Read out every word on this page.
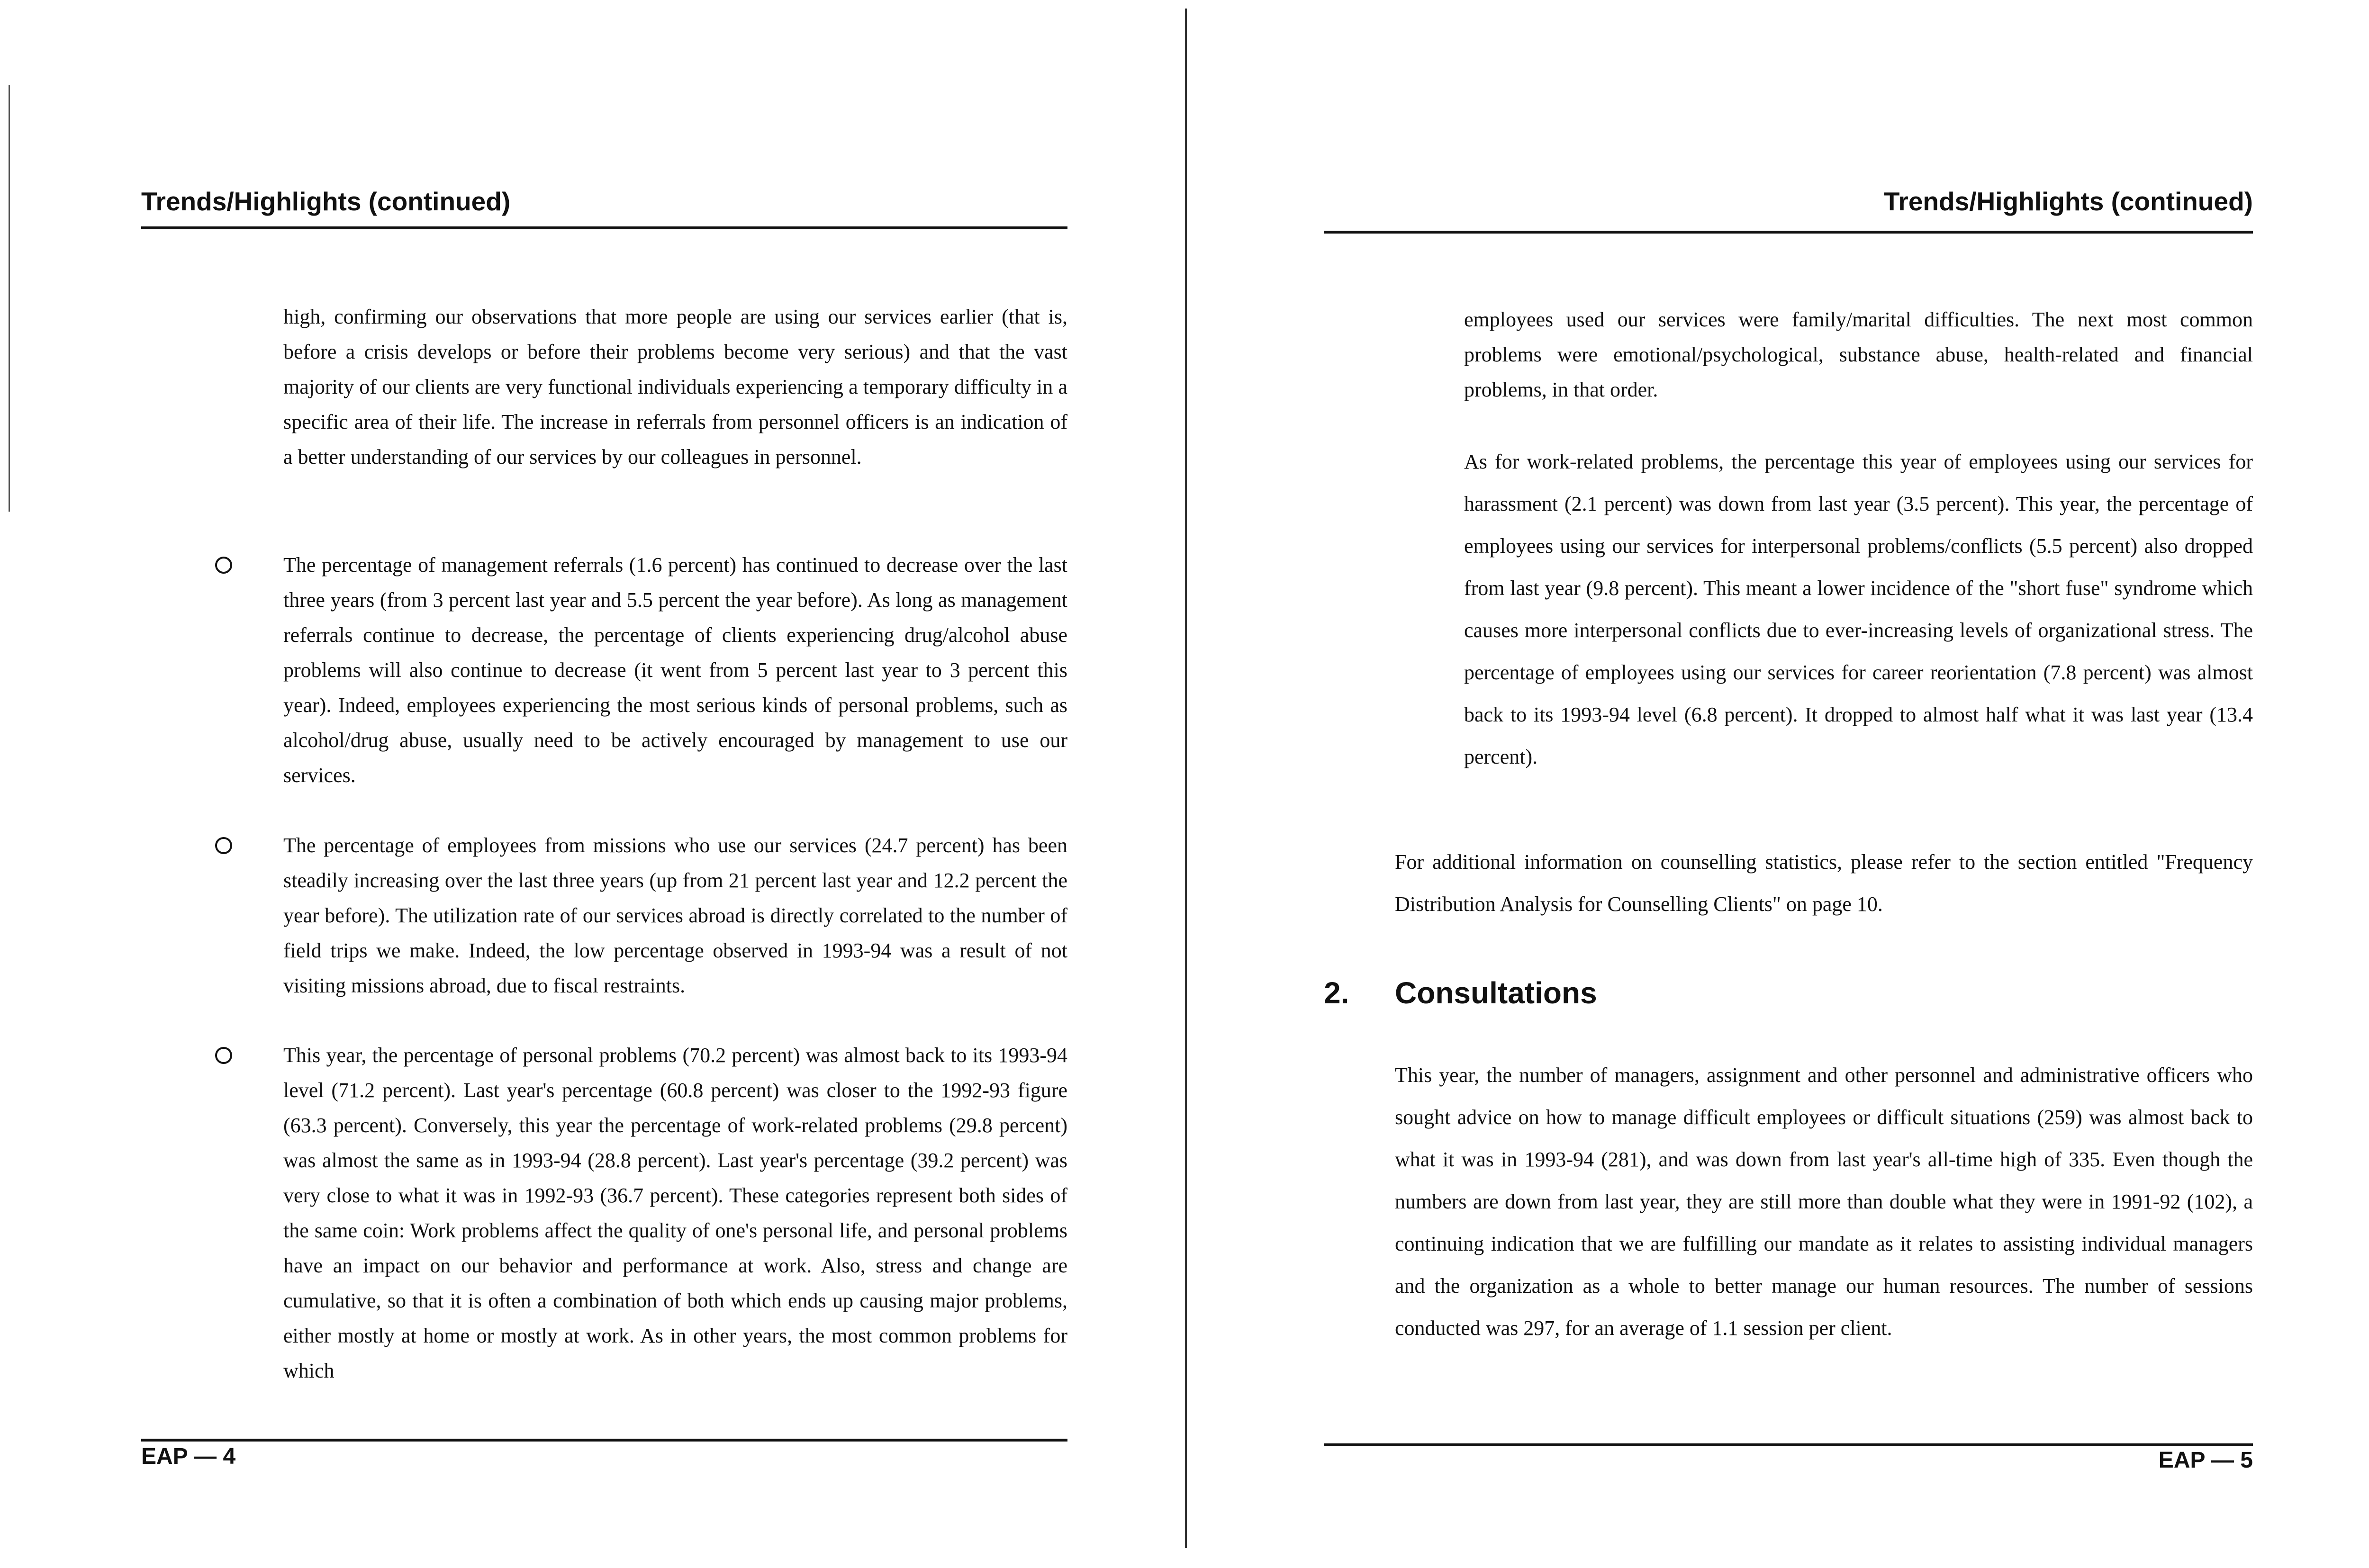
Trends/Highlights (continued)

high, confirming our observations that more people are using our services earlier (that is, before a crisis develops or before their problems become very serious) and that the vast majority of our clients are very functional individuals experiencing a temporary difficulty in a specific area of their life. The increase in referrals from personnel officers is an indication of a better understanding of our services by our colleagues in personnel.

The percentage of management referrals (1.6 percent) has continued to decrease over the last three years (from 3 percent last year and 5.5 percent the year before). As long as management referrals continue to decrease, the percentage of clients experiencing drug/alcohol abuse problems will also continue to decrease (it went from 5 percent last year to 3 percent this year). Indeed, employees experiencing the most serious kinds of personal problems, such as alcohol/drug abuse, usually need to be actively encouraged by management to use our services.

The percentage of employees from missions who use our services (24.7 percent) has been steadily increasing over the last three years (up from 21 percent last year and 12.2 percent the year before). The utilization rate of our services abroad is directly correlated to the number of field trips we make. Indeed, the low percentage observed in 1993-94 was a result of not visiting missions abroad, due to fiscal restraints.

This year, the percentage of personal problems (70.2 percent) was almost back to its 1993-94 level (71.2 percent). Last year's percentage (60.8 percent) was closer to the 1992-93 figure (63.3 percent). Conversely, this year the percentage of work-related problems (29.8 percent) was almost the same as in 1993-94 (28.8 percent). Last year's percentage (39.2 percent) was very close to what it was in 1992-93 (36.7 percent). These categories represent both sides of the same coin: Work problems affect the quality of one's personal life, and personal problems have an impact on our behavior and performance at work. Also, stress and change are cumulative, so that it is often a combination of both which ends up causing major problems, either mostly at home or mostly at work. As in other years, the most common problems for which

EAP — 4
Trends/Highlights (continued)

employees used our services were family/marital difficulties. The next most common problems were emotional/psychological, substance abuse, health-related and financial problems, in that order.

As for work-related problems, the percentage this year of employees using our services for harassment (2.1 percent) was down from last year (3.5 percent). This year, the percentage of employees using our services for interpersonal problems/conflicts (5.5 percent) also dropped from last year (9.8 percent). This meant a lower incidence of the "short fuse" syndrome which causes more interpersonal conflicts due to ever-increasing levels of organizational stress. The percentage of employees using our services for career reorientation (7.8 percent) was almost back to its 1993-94 level (6.8 percent). It dropped to almost half what it was last year (13.4 percent).

For additional information on counselling statistics, please refer to the section entitled "Frequency Distribution Analysis for Counselling Clients" on page 10.

2. Consultations

This year, the number of managers, assignment and other personnel and administrative officers who sought advice on how to manage difficult employees or difficult situations (259) was almost back to what it was in 1993-94 (281), and was down from last year's all-time high of 335. Even though the numbers are down from last year, they are still more than double what they were in 1991-92 (102), a continuing indication that we are fulfilling our mandate as it relates to assisting individual managers and the organization as a whole to better manage our human resources. The number of sessions conducted was 297, for an average of 1.1 session per client.

EAP — 5
